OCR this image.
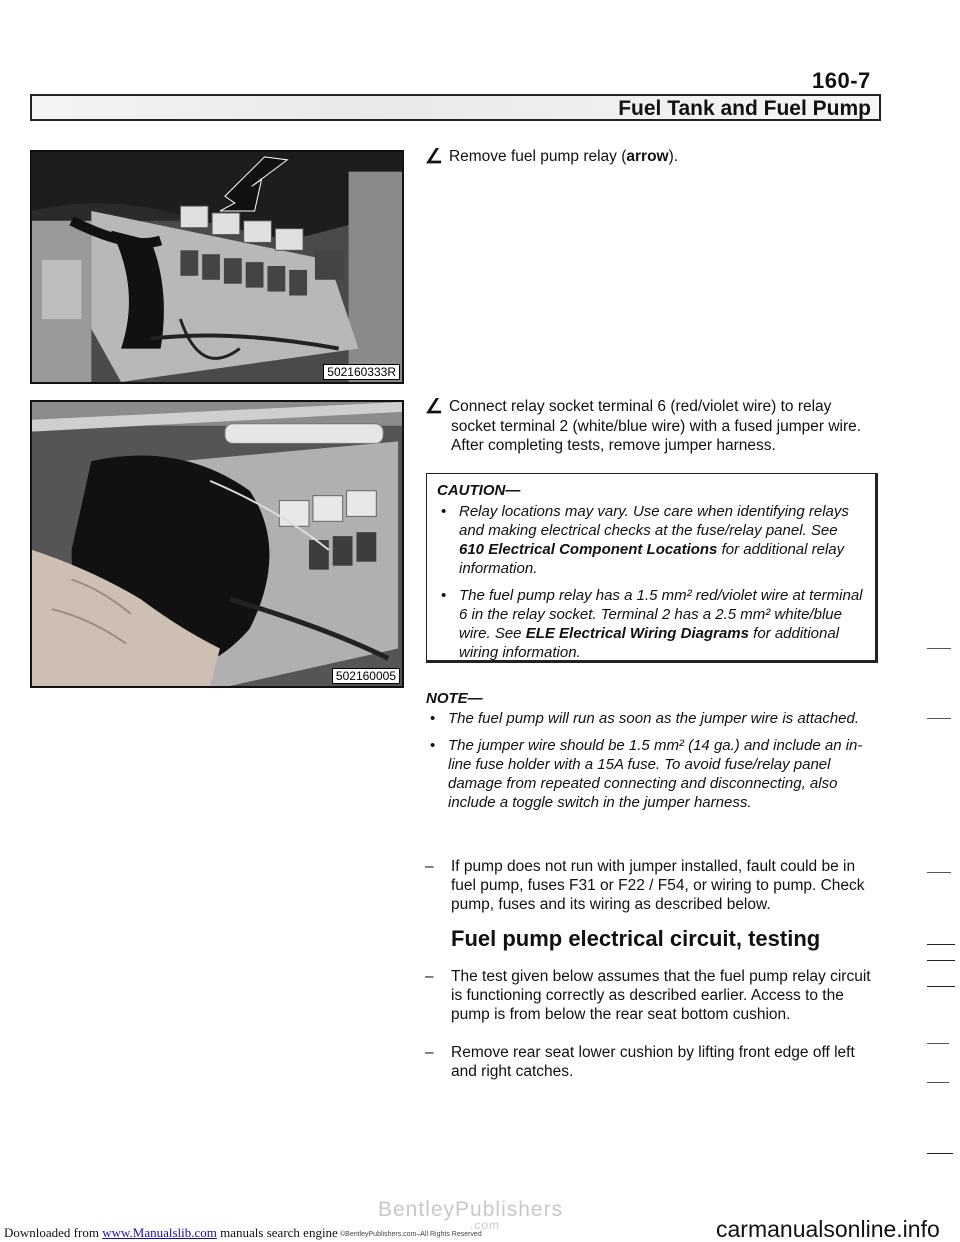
160-7
Fuel Tank and Fuel Pump
502160333R
502160005
∠ Remove fuel pump relay (arrow).
∠ Connect relay socket terminal 6 (red/violet wire) to relay
socket terminal 2 (white/blue wire) with a fused jumper wire.
After completing tests, remove jumper harness.
CAUTION—
• Relay locations may vary. Use care when identifying relays and making electrical checks at the fuse/relay panel. See 610 Electrical Component Locations for additional relay information.
• The fuel pump relay has a 1.5 mm² red/violet wire at terminal 6 in the relay socket. Terminal 2 has a 2.5 mm² white/blue wire. See ELE Electrical Wiring Diagrams for additional wiring information.
NOTE—
• The fuel pump will run as soon as the jumper wire is attached.
• The jumper wire should be 1.5 mm² (14 ga.) and include an in-line fuse holder with a 15A fuse. To avoid fuse/relay panel damage from repeated connecting and disconnecting, also include a toggle switch in the jumper harness.
– If pump does not run with jumper installed, fault could be in fuel pump, fuses F31 or F22 / F54, or wiring to pump. Check pump, fuses and its wiring as described below.
Fuel pump electrical circuit, testing
– The test given below assumes that the fuel pump relay circuit is functioning correctly as described earlier. Access to the pump is from below the rear seat bottom cushion.
– Remove rear seat lower cushion by lifting front edge off left and right catches.
Downloaded from www.Manualslib.com manuals search engine
BentleyPublishers
.com
©BentleyPublishers.com–All Rights Reserved	carmanualsonline.info
